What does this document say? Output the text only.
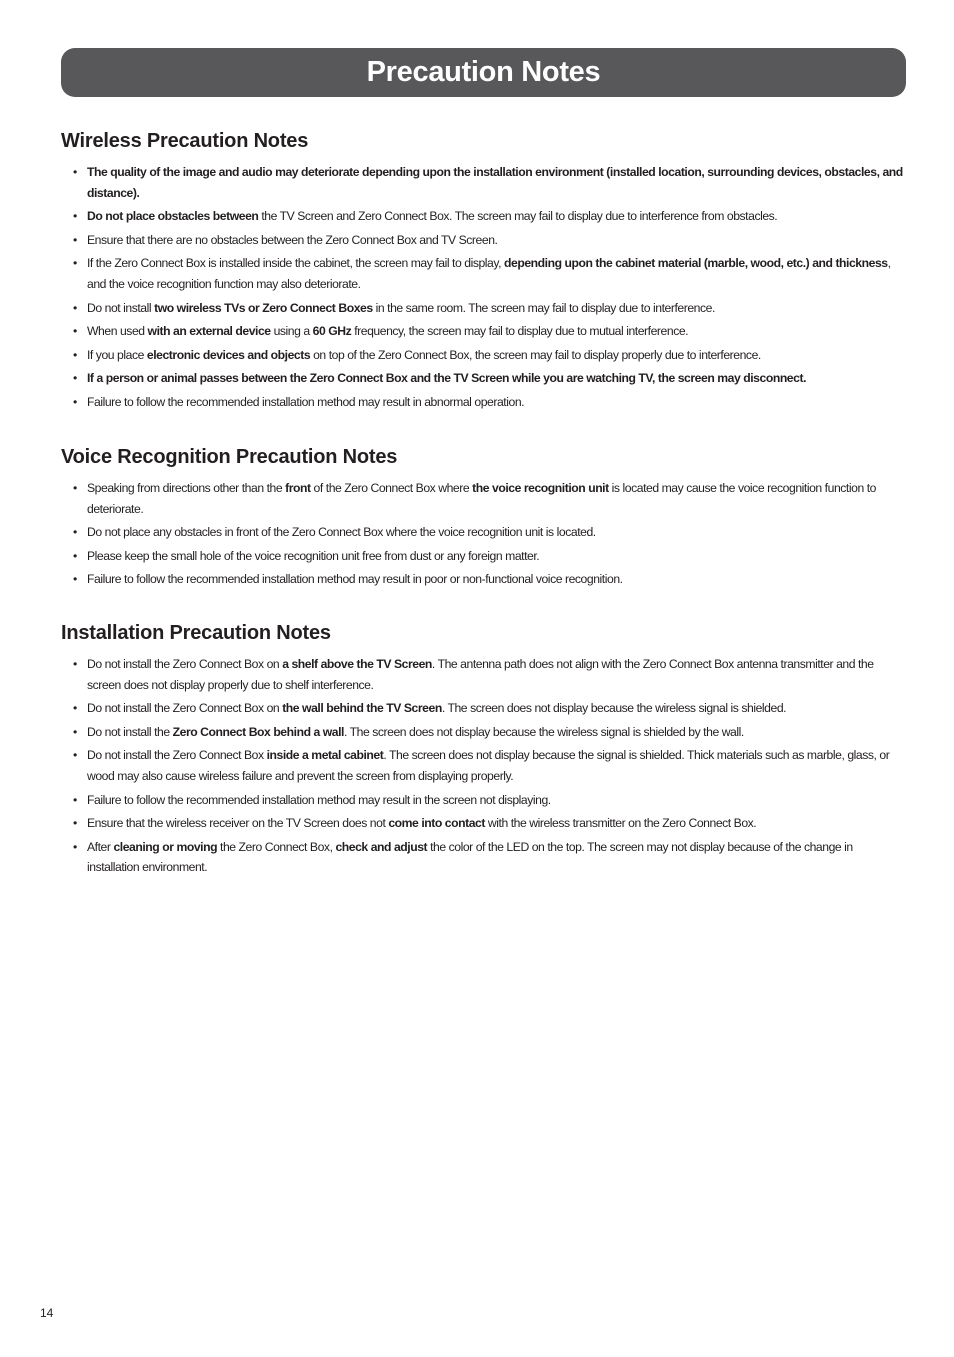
Precaution Notes
Wireless Precaution Notes
• The quality of the image and audio may deteriorate depending upon the installation environment (installed location, surrounding devices, obstacles, and distance).
• Do not place obstacles between the TV Screen and Zero Connect Box. The screen may fail to display due to interference from obstacles.
• Ensure that there are no obstacles between the Zero Connect Box and TV Screen.
• If the Zero Connect Box is installed inside the cabinet, the screen may fail to display, depending upon the cabinet material (marble, wood, etc.) and thickness, and the voice recognition function may also deteriorate.
• Do not install two wireless TVs or Zero Connect Boxes in the same room. The screen may fail to display due to interference.
• When used with an external device using a 60 GHz frequency, the screen may fail to display due to mutual interference.
• If you place electronic devices and objects on top of the Zero Connect Box, the screen may fail to display properly due to interference.
• If a person or animal passes between the Zero Connect Box and the TV Screen while you are watching TV, the screen may disconnect.
• Failure to follow the recommended installation method may result in abnormal operation.
Voice Recognition Precaution Notes
• Speaking from directions other than the front of the Zero Connect Box where the voice recognition unit is located may cause the voice recognition function to deteriorate.
• Do not place any obstacles in front of the Zero Connect Box where the voice recognition unit is located.
• Please keep the small hole of the voice recognition unit free from dust or any foreign matter.
• Failure to follow the recommended installation method may result in poor or non-functional voice recognition.
Installation Precaution Notes
• Do not install the Zero Connect Box on a shelf above the TV Screen. The antenna path does not align with the Zero Connect Box antenna transmitter and the screen does not display properly due to shelf interference.
• Do not install the Zero Connect Box on the wall behind the TV Screen. The screen does not display because the wireless signal is shielded.
• Do not install the Zero Connect Box behind a wall. The screen does not display because the wireless signal is shielded by the wall.
• Do not install the Zero Connect Box inside a metal cabinet. The screen does not display because the signal is shielded. Thick materials such as marble, glass, or wood may also cause wireless failure and prevent the screen from displaying properly.
• Failure to follow the recommended installation method may result in the screen not displaying.
• Ensure that the wireless receiver on the TV Screen does not come into contact with the wireless transmitter on the Zero Connect Box.
• After cleaning or moving the Zero Connect Box, check and adjust the color of the LED on the top. The screen may not display because of the change in installation environment.
14
